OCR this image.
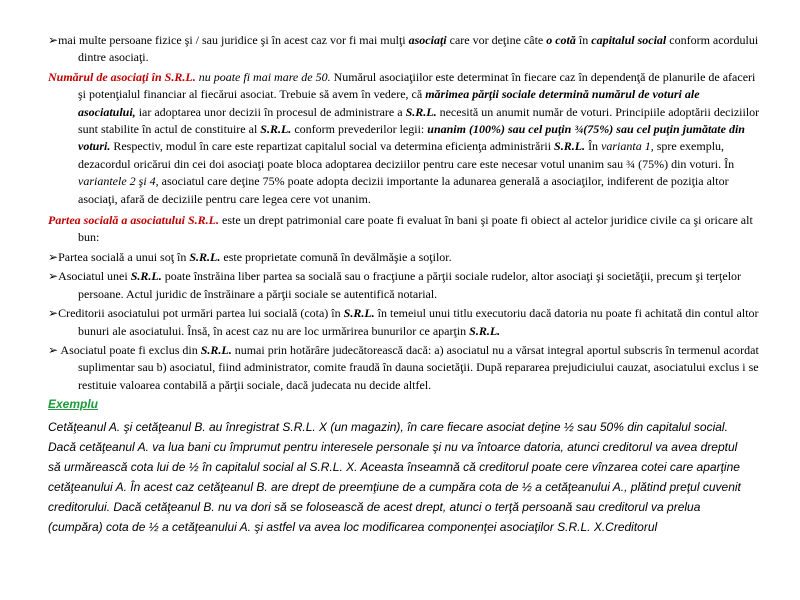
➢mai multe persoane fizice şi / sau juridice şi în acest caz vor fi mai mulţi asociaţi care vor deţine câte o cotă în capitalul social conform acordului dintre asociaţi.

Numărul de asociaţi în S.R.L. nu poate fi mai mare de 50. Numărul asociaţiilor este determinat în fiecare caz în dependenţă de planurile de afaceri şi potenţialul financiar al fiecărui asociat. Trebuie să avem în vedere, că mărimea părţii sociale determină numărul de voturi ale asociatului, iar adoptarea unor decizii în procesul de administrare a S.R.L. necesită un anumit număr de voturi. Principiile adoptării deciziilor sunt stabilite în actul de constituire al S.R.L. conform prevederilor legii: unanim (100%) sau cel puţin ¾(75%) sau cel puţin jumătate din voturi. Respectiv, modul în care este repartizat capitalul social va determina eficienţa administrării S.R.L. În varianta 1, spre exemplu, dezacordul oricărui din cei doi asociaţi poate bloca adoptarea deciziilor pentru care este necesar votul unanim sau ¾ (75%) din voturi. În variantele 2 şi 4, asociatul care deţine 75% poate adopta decizii importante la adunarea generală a asociaţilor, indiferent de poziţia altor asociaţi, afară de deciziile pentru care legea cere vot unanim.

Partea socială a asociatului S.R.L. este un drept patrimonial care poate fi evaluat în bani şi poate fi obiect al actelor juridice civile ca şi oricare alt bun:

➢Partea socială a unui soţ în S.R.L. este proprietate comună în devălmăşie a soţilor.

➢Asociatul unei S.R.L. poate înstrăina liber partea sa socială sau o fracţiune a părţii sociale rudelor, altor asociaţi şi societăţii, precum şi terţelor persoane. Actul juridic de înstrăinare a părţii sociale se autentifică notarial.

➢Creditorii asociatului pot urmări partea lui socială (cota) în S.R.L. în temeiul unui titlu executoriu dacă datoria nu poate fi achitată din contul altor bunuri ale asociatului. Însă, în acest caz nu are loc urmărirea bunurilor ce aparţin S.R.L.

➢ Asociatul poate fi exclus din S.R.L. numai prin hotărâre judecătorească dacă: a) asociatul nu a vărsat integral aportul subscris în termenul acordat suplimentar sau b) asociatul, fiind administrator, comite fraudă în dauna societăţii. După repararea prejudiciului cauzat, asociatului exclus i se restituie valoarea contabilă a părţii sociale, dacă judecata nu decide altfel.

Exemplu

Cetăţeanul A. şi cetăţeanul B. au înregistrat S.R.L. X (un magazin), în care fiecare asociat deţine ½ sau 50% din capitalul social.

Dacă cetăţeanul A. va lua bani cu împrumut pentru interesele personale şi nu va întoarce datoria, atunci creditorul va avea dreptul

să urmărească cota lui de ½ în capitalul social al S.R.L. X. Aceasta înseamnă că creditorul poate cere vînzarea cotei care aparţine

cetăţeanului A. În acest caz cetăţeanul B. are drept de preemţiune de a cumpăra cota de ½ a cetăţeanului A., plătind preţul cuvenit

creditorului. Dacă cetăţeanul B. nu va dori să se folosească de acest drept, atunci o terţă persoană sau creditorul va prelua

(cumpăra) cota de ½ a cetăţeanului A. şi astfel va avea loc modificarea componenţei asociaţilor S.R.L. X.Creditorul
